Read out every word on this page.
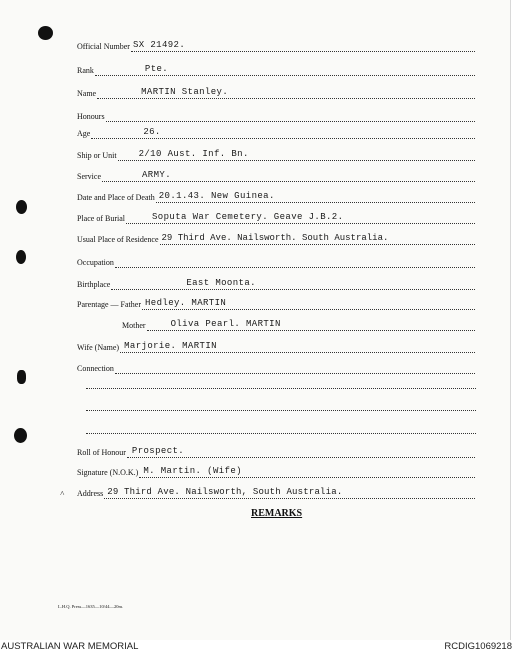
Official Number SX 21492.
Rank	Pte.
Name	MARTIN Stanley.
Honours
Age	26.
Ship or Unit 2/10 Aust. Inf. Bn.
Service	ARMY.
Date and Place of Death 20.1.43. New Guinea.
Place of Burial	Soputa War Cemetery. Geave J.B.2.
Usual Place of Residence 29 Third Ave. Nailsworth. South Australia.
Occupation
Birthplace	East Moonta.
Parentage — Father Hedley. MARTIN
Mother	Oliva Pearl. MARTIN
Wife (Name) Marjorie. MARTIN
Connection
Roll of Honour Prospect.
Signature (N.O.K.) M. Martin. (Wife)
Address 29 Third Ave. Nailsworth, South Australia.
˄
REMARKS
L.H.Q. Press—1635—10/44—20m.
AUSTRALIAN WAR MEMORIAL	RCDIG1069218
